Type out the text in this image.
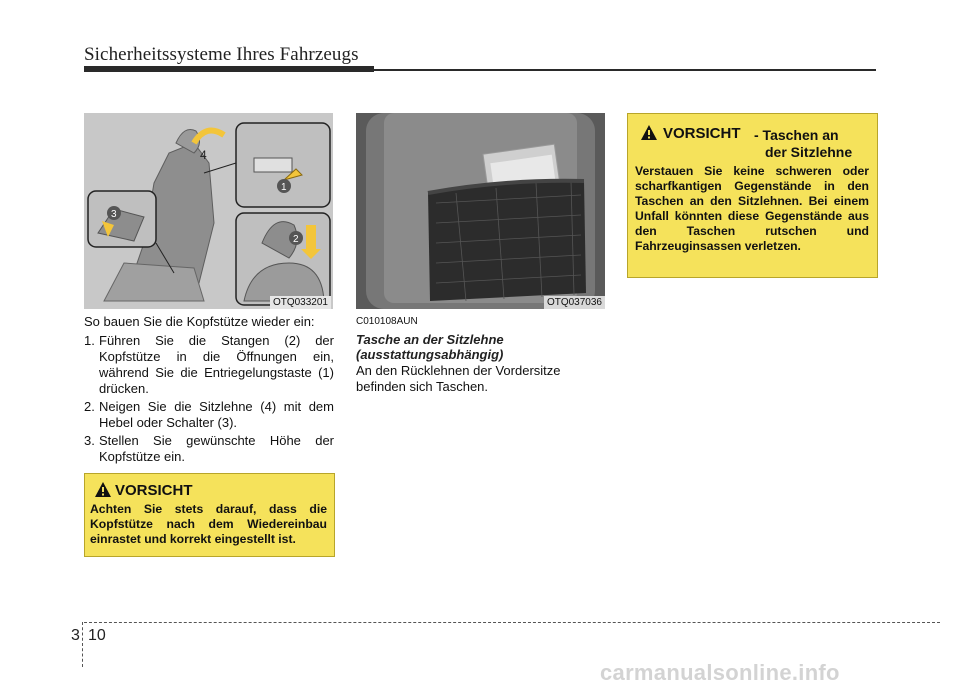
Sicherheitssysteme Ihres Fahrzeugs
4
1
2
3
OTQ033201
So bauen Sie die Kopfstütze wieder ein:
1. Führen Sie die Stangen (2) der Kopfstütze in die Öffnungen ein, während Sie die Entriegelungstaste (1) drücken.
2. Neigen Sie die Sitzlehne (4) mit dem Hebel oder Schalter (3).
3. Stellen Sie gewünschte Höhe der Kopfstütze ein.
VORSICHT
Achten Sie stets darauf, dass die Kopfstütze nach dem Wiedereinbau einrastet und korrekt eingestellt ist.
OTQ037036
C010108AUN
Tasche an der Sitzlehne
(ausstattungsabhängig)
An den Rücklehnen der Vordersitze befinden sich Taschen.
VORSICHT - Taschen an
der Sitzlehne
Verstauen Sie keine schweren oder scharfkantigen Gegenstände in den Taschen an den Sitzlehnen. Bei einem Unfall könnten diese Gegenstände aus den Taschen rutschen und Fahrzeuginsassen verletzen.
3 10
carmanualsonline.info
